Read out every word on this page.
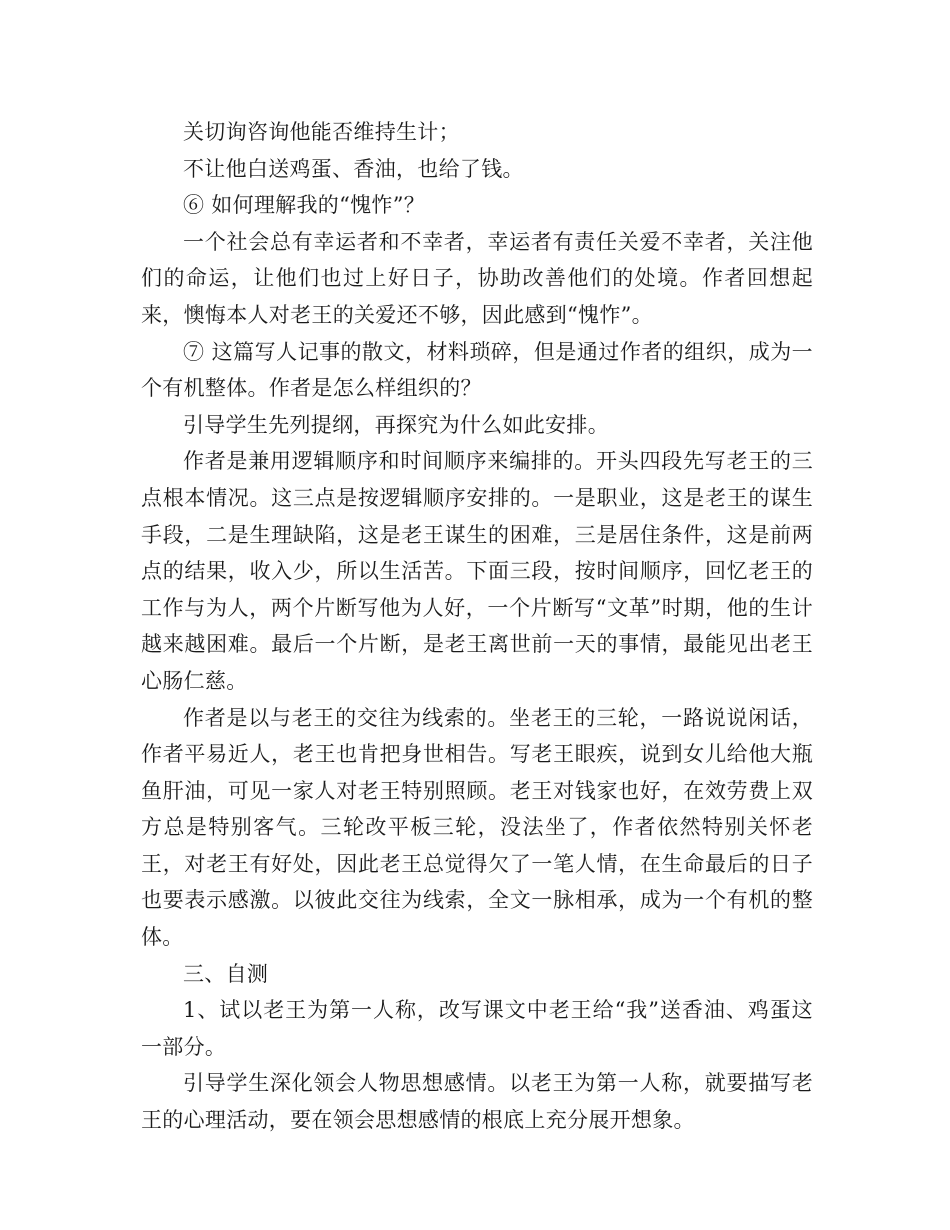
关切询咨询他能否维持生计；

不让他白送鸡蛋、香油，也给了钱。

⑥ 如何理解我的“愧怍”？

一个社会总有幸运者和不幸者，幸运者有责任关爱不幸者，关注他们的命运，让他们也过上好日子，协助改善他们的处境。作者回想起来，懊悔本人对老王的关爱还不够，因此感到“愧怍”。

⑦ 这篇写人记事的散文，材料琐碎，但是通过作者的组织，成为一个有机整体。作者是怎么样组织的？

引导学生先列提纲，再探究为什么如此安排。

作者是兼用逻辑顺序和时间顺序来编排的。开头四段先写老王的三点根本情况。这三点是按逻辑顺序安排的。一是职业，这是老王的谋生手段，二是生理缺陷，这是老王谋生的困难，三是居住条件，这是前两点的结果，收入少，所以生活苦。下面三段，按时间顺序，回忆老王的工作与为人，两个片断写他为人好，一个片断写“文革”时期，他的生计越来越困难。最后一个片断，是老王离世前一天的事情，最能见出老王心肠仁慈。

作者是以与老王的交往为线索的。坐老王的三轮，一路说说闲话，作者平易近人，老王也肯把身世相告。写老王眼疾，说到女儿给他大瓶鱼肝油，可见一家人对老王特别照顾。老王对钱家也好，在效劳费上双方总是特别客气。三轮改平板三轮，没法坐了，作者依然特别关怀老王，对老王有好处，因此老王总觉得欠了一笔人情，在生命最后的日子也要表示感激。以彼此交往为线索，全文一脉相承，成为一个有机的整体。

三、自测

1、试以老王为第一人称，改写课文中老王给“我”送香油、鸡蛋这一部分。

引导学生深化领会人物思想感情。以老王为第一人称，就要描写老王的心理活动，要在领会思想感情的根底上充分展开想象。
